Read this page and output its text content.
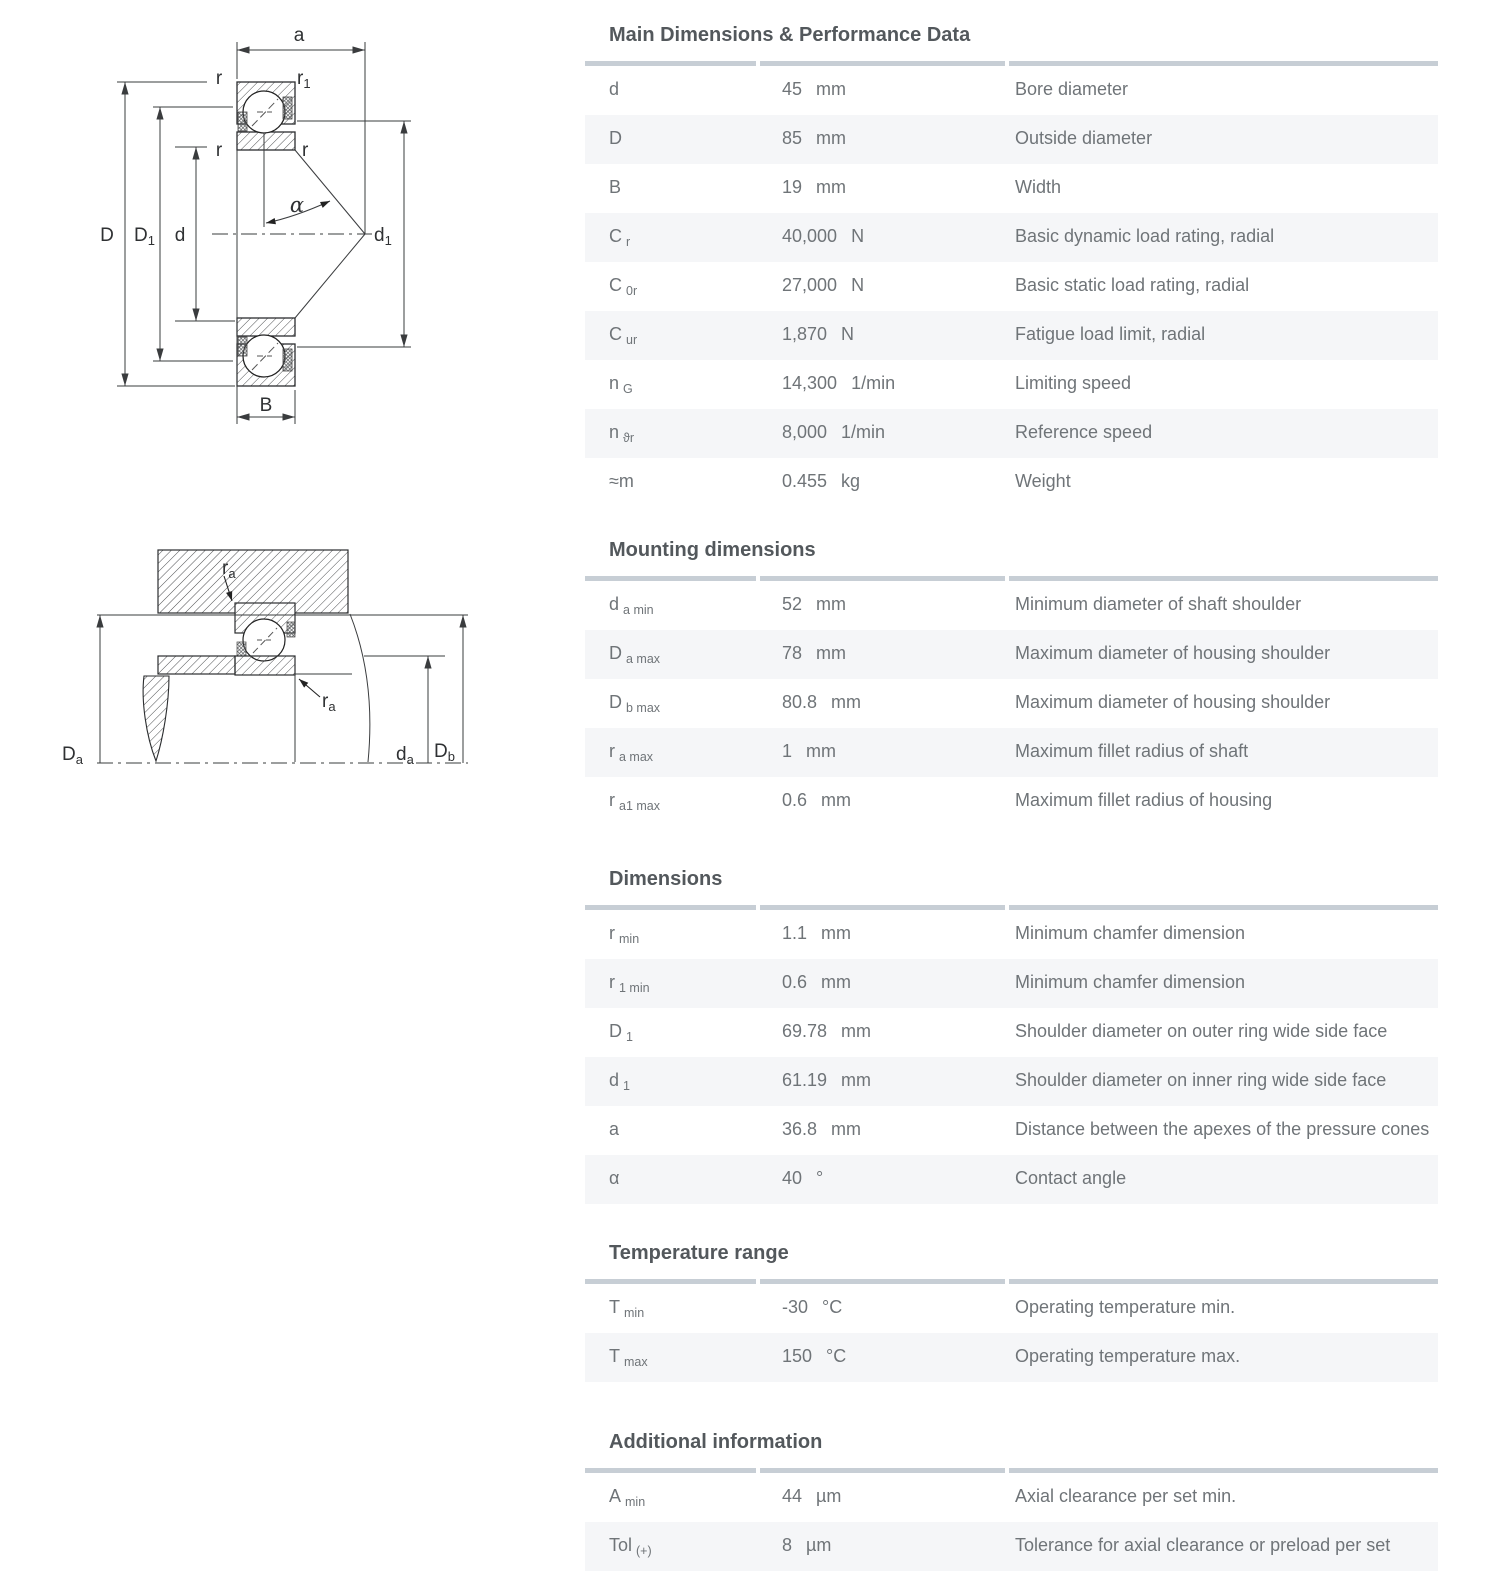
α
a
r	$r_1$
r	r
D $D_1$ d	$d_1$
B
$D_a$	$d_a$ $D_b$
$r_a$
$r_a$
Main Dimensions & Performance Data
d	45 mm	Bore diameter
D	85 mm	Outside diameter
B	19 mm	Width
C $_r$	40,000 N	Basic dynamic load rating, radial
C $_{0r}$	27,000 N	Basic static load rating, radial
C $_{ur}$	1,870 N	Fatigue load limit, radial
n $_G$	14,300 1/min	Limiting speed
n $_{ϑr}$	8,000 1/min	Reference speed
≈m	0.455 kg	Weight
Mounting dimensions
d $_{a min}$	52 mm	Minimum diameter of shaft shoulder
D $_{a max}$	78 mm	Maximum diameter of housing shoulder
D $_{b max}$	80.8 mm	Maximum diameter of housing shoulder
r $_{a max}$	1 mm	Maximum fillet radius of shaft
r $_{a1 max}$	0.6 mm	Maximum fillet radius of housing
Dimensions
r $_{min}$	1.1 mm	Minimum chamfer dimension
r $_{1 min}$	0.6 mm	Minimum chamfer dimension
D $_1$	69.78 mm	Shoulder diameter on outer ring wide side face
d $_1$	61.19 mm	Shoulder diameter on inner ring wide side face
a	36.8 mm	Distance between the apexes of the pressure cones
α	40 °	Contact angle
Temperature range
T $_{min}$	-30 °C	Operating temperature min.
T $_{max}$	150 °C	Operating temperature max.
Additional information
A $_{min}$	44 µm	Axial clearance per set min.
Tol $_{(+)}$	8 µm	Tolerance for axial clearance or preload per set
